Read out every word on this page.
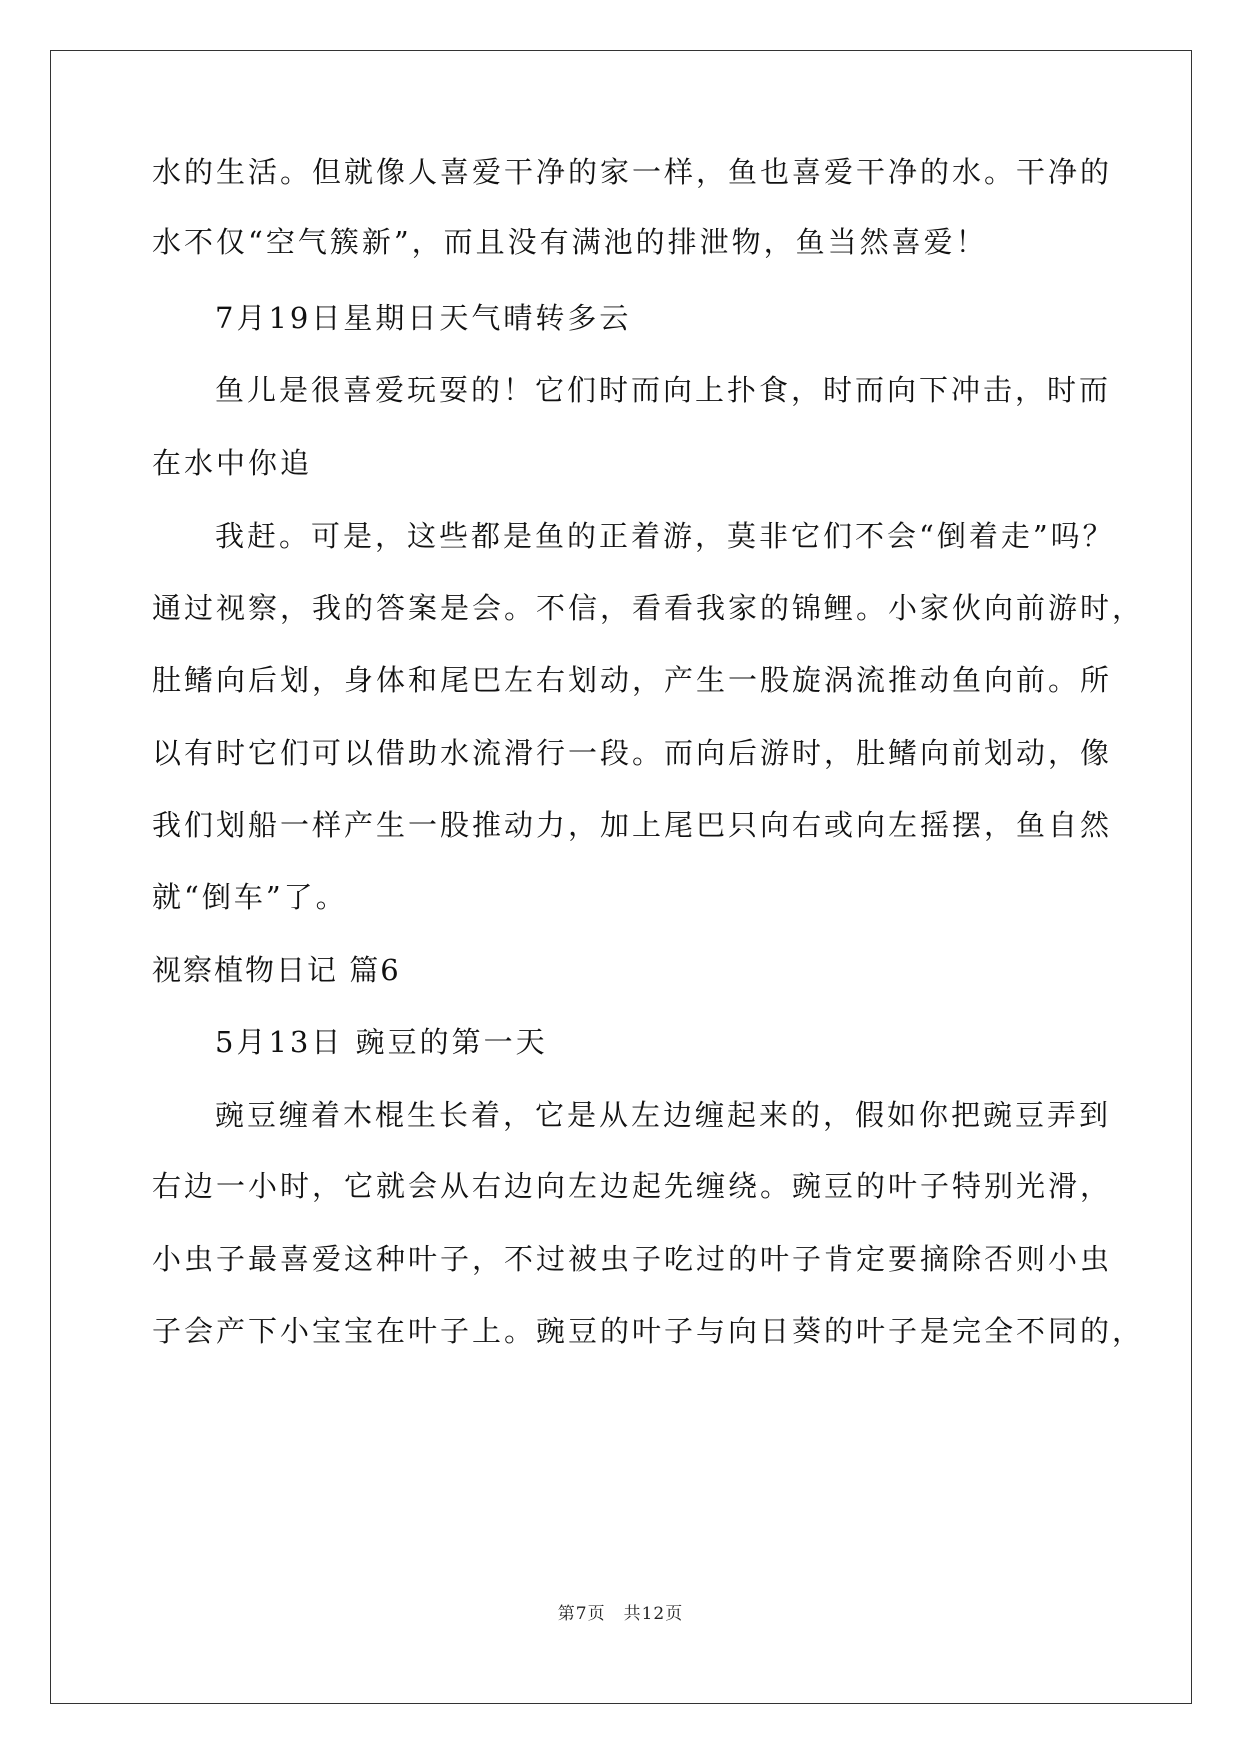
水的生活。但就像人喜爱干净的家一样，鱼也喜爱干净的水。干净的
水不仅“空气簇新”，而且没有满池的排泄物，鱼当然喜爱！
7月19日星期日天气晴转多云
鱼儿是很喜爱玩耍的！它们时而向上扑食，时而向下冲击，时而
在水中你追
我赶。可是，这些都是鱼的正着游，莫非它们不会“倒着走”吗？
通过视察，我的答案是会。不信，看看我家的锦鲤。小家伙向前游时，
肚鳍向后划，身体和尾巴左右划动，产生一股旋涡流推动鱼向前。所
以有时它们可以借助水流滑行一段。而向后游时，肚鳍向前划动，像
我们划船一样产生一股推动力，加上尾巴只向右或向左摇摆，鱼自然
就“倒车”了。
视察植物日记 篇6
5月13日 豌豆的第一天
豌豆缠着木棍生长着，它是从左边缠起来的，假如你把豌豆弄到
右边一小时，它就会从右边向左边起先缠绕。豌豆的叶子特别光滑，
小虫子最喜爱这种叶子，不过被虫子吃过的叶子肯定要摘除否则小虫
子会产下小宝宝在叶子上。豌豆的叶子与向日葵的叶子是完全不同的，
第7页　共12页
